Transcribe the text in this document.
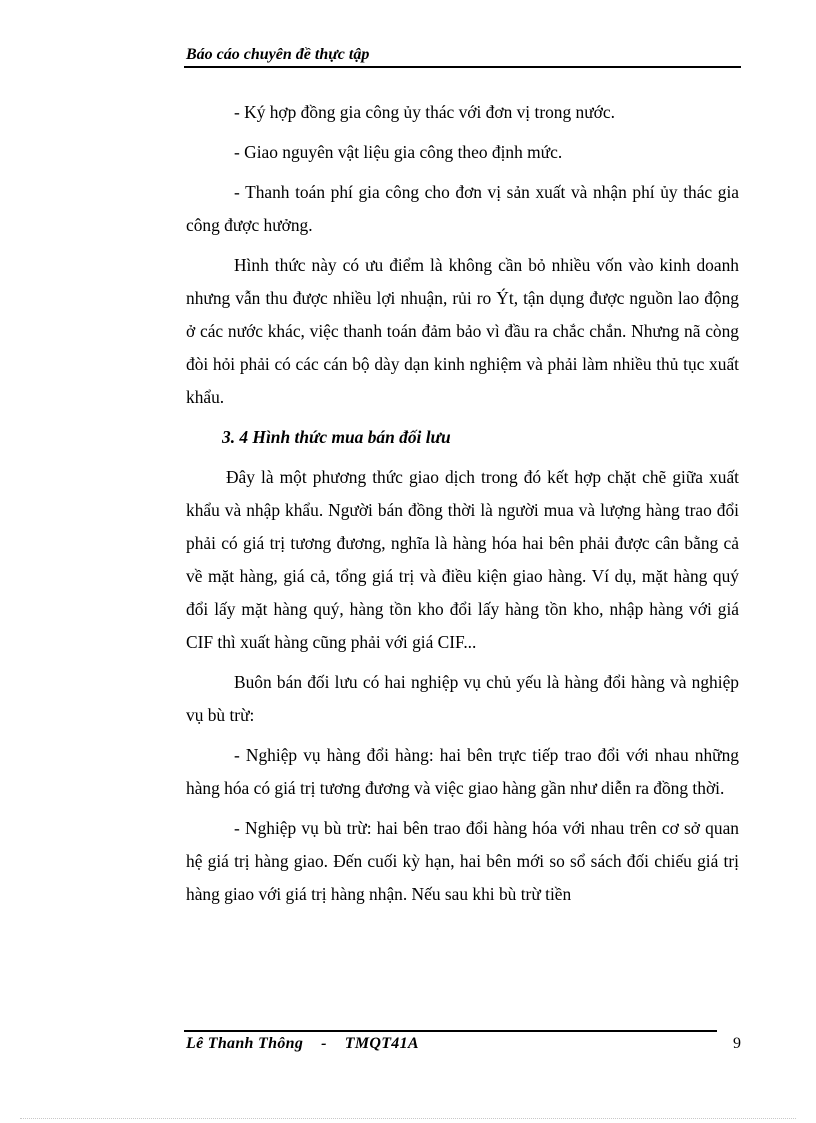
Báo cáo chuyên đề thực tập

- Ký hợp đồng gia công ủy thác với đơn vị trong nước.

- Giao nguyên vật liệu gia công theo định mức.

- Thanh toán phí gia công cho đơn vị sản xuất và nhận phí ủy thác gia công được hưởng.

Hình thức này có ưu điểm là không cần bỏ nhiều vốn vào kinh doanh nhưng vẫn thu được nhiều lợi nhuận, rủi ro Ýt, tận dụng được nguồn lao động ở các nước khác, việc thanh toán đảm bảo vì đầu ra chắc chắn. Nhưng nã còng đòi hỏi phải có các cán bộ dày dạn kinh nghiệm và phải làm nhiều thủ tục xuất khẩu.

3. 4 Hình thức mua bán đối lưu

Đây là một phương thức giao dịch trong đó kết hợp chặt chẽ giữa xuất khẩu và nhập khẩu. Người bán đồng thời là người mua và lượng hàng trao đổi phải có giá trị tương đương, nghĩa là hàng hóa hai bên phải được cân bằng cả về mặt hàng, giá cả, tổng giá trị và điều kiện giao hàng. Ví dụ, mặt hàng quý đổi lấy mặt hàng quý, hàng tồn kho đổi lấy hàng tồn kho, nhập hàng với giá CIF thì xuất hàng cũng phải với giá CIF...

Buôn bán đối lưu có hai nghiệp vụ chủ yếu là hàng đổi hàng và nghiệp vụ bù trừ:

- Nghiệp vụ hàng đổi hàng: hai bên trực tiếp trao đổi với nhau những hàng hóa có giá trị tương đương và việc giao hàng gần như diễn ra đồng thời.

- Nghiệp vụ bù trừ: hai bên trao đổi hàng hóa với nhau trên cơ sở quan hệ giá trị hàng giao. Đến cuối kỳ hạn, hai bên mới so sổ sách đối chiếu giá trị hàng giao với giá trị hàng nhận. Nếu sau khi bù trừ tiền

Lê Thanh Thông - TMQT41A	9
